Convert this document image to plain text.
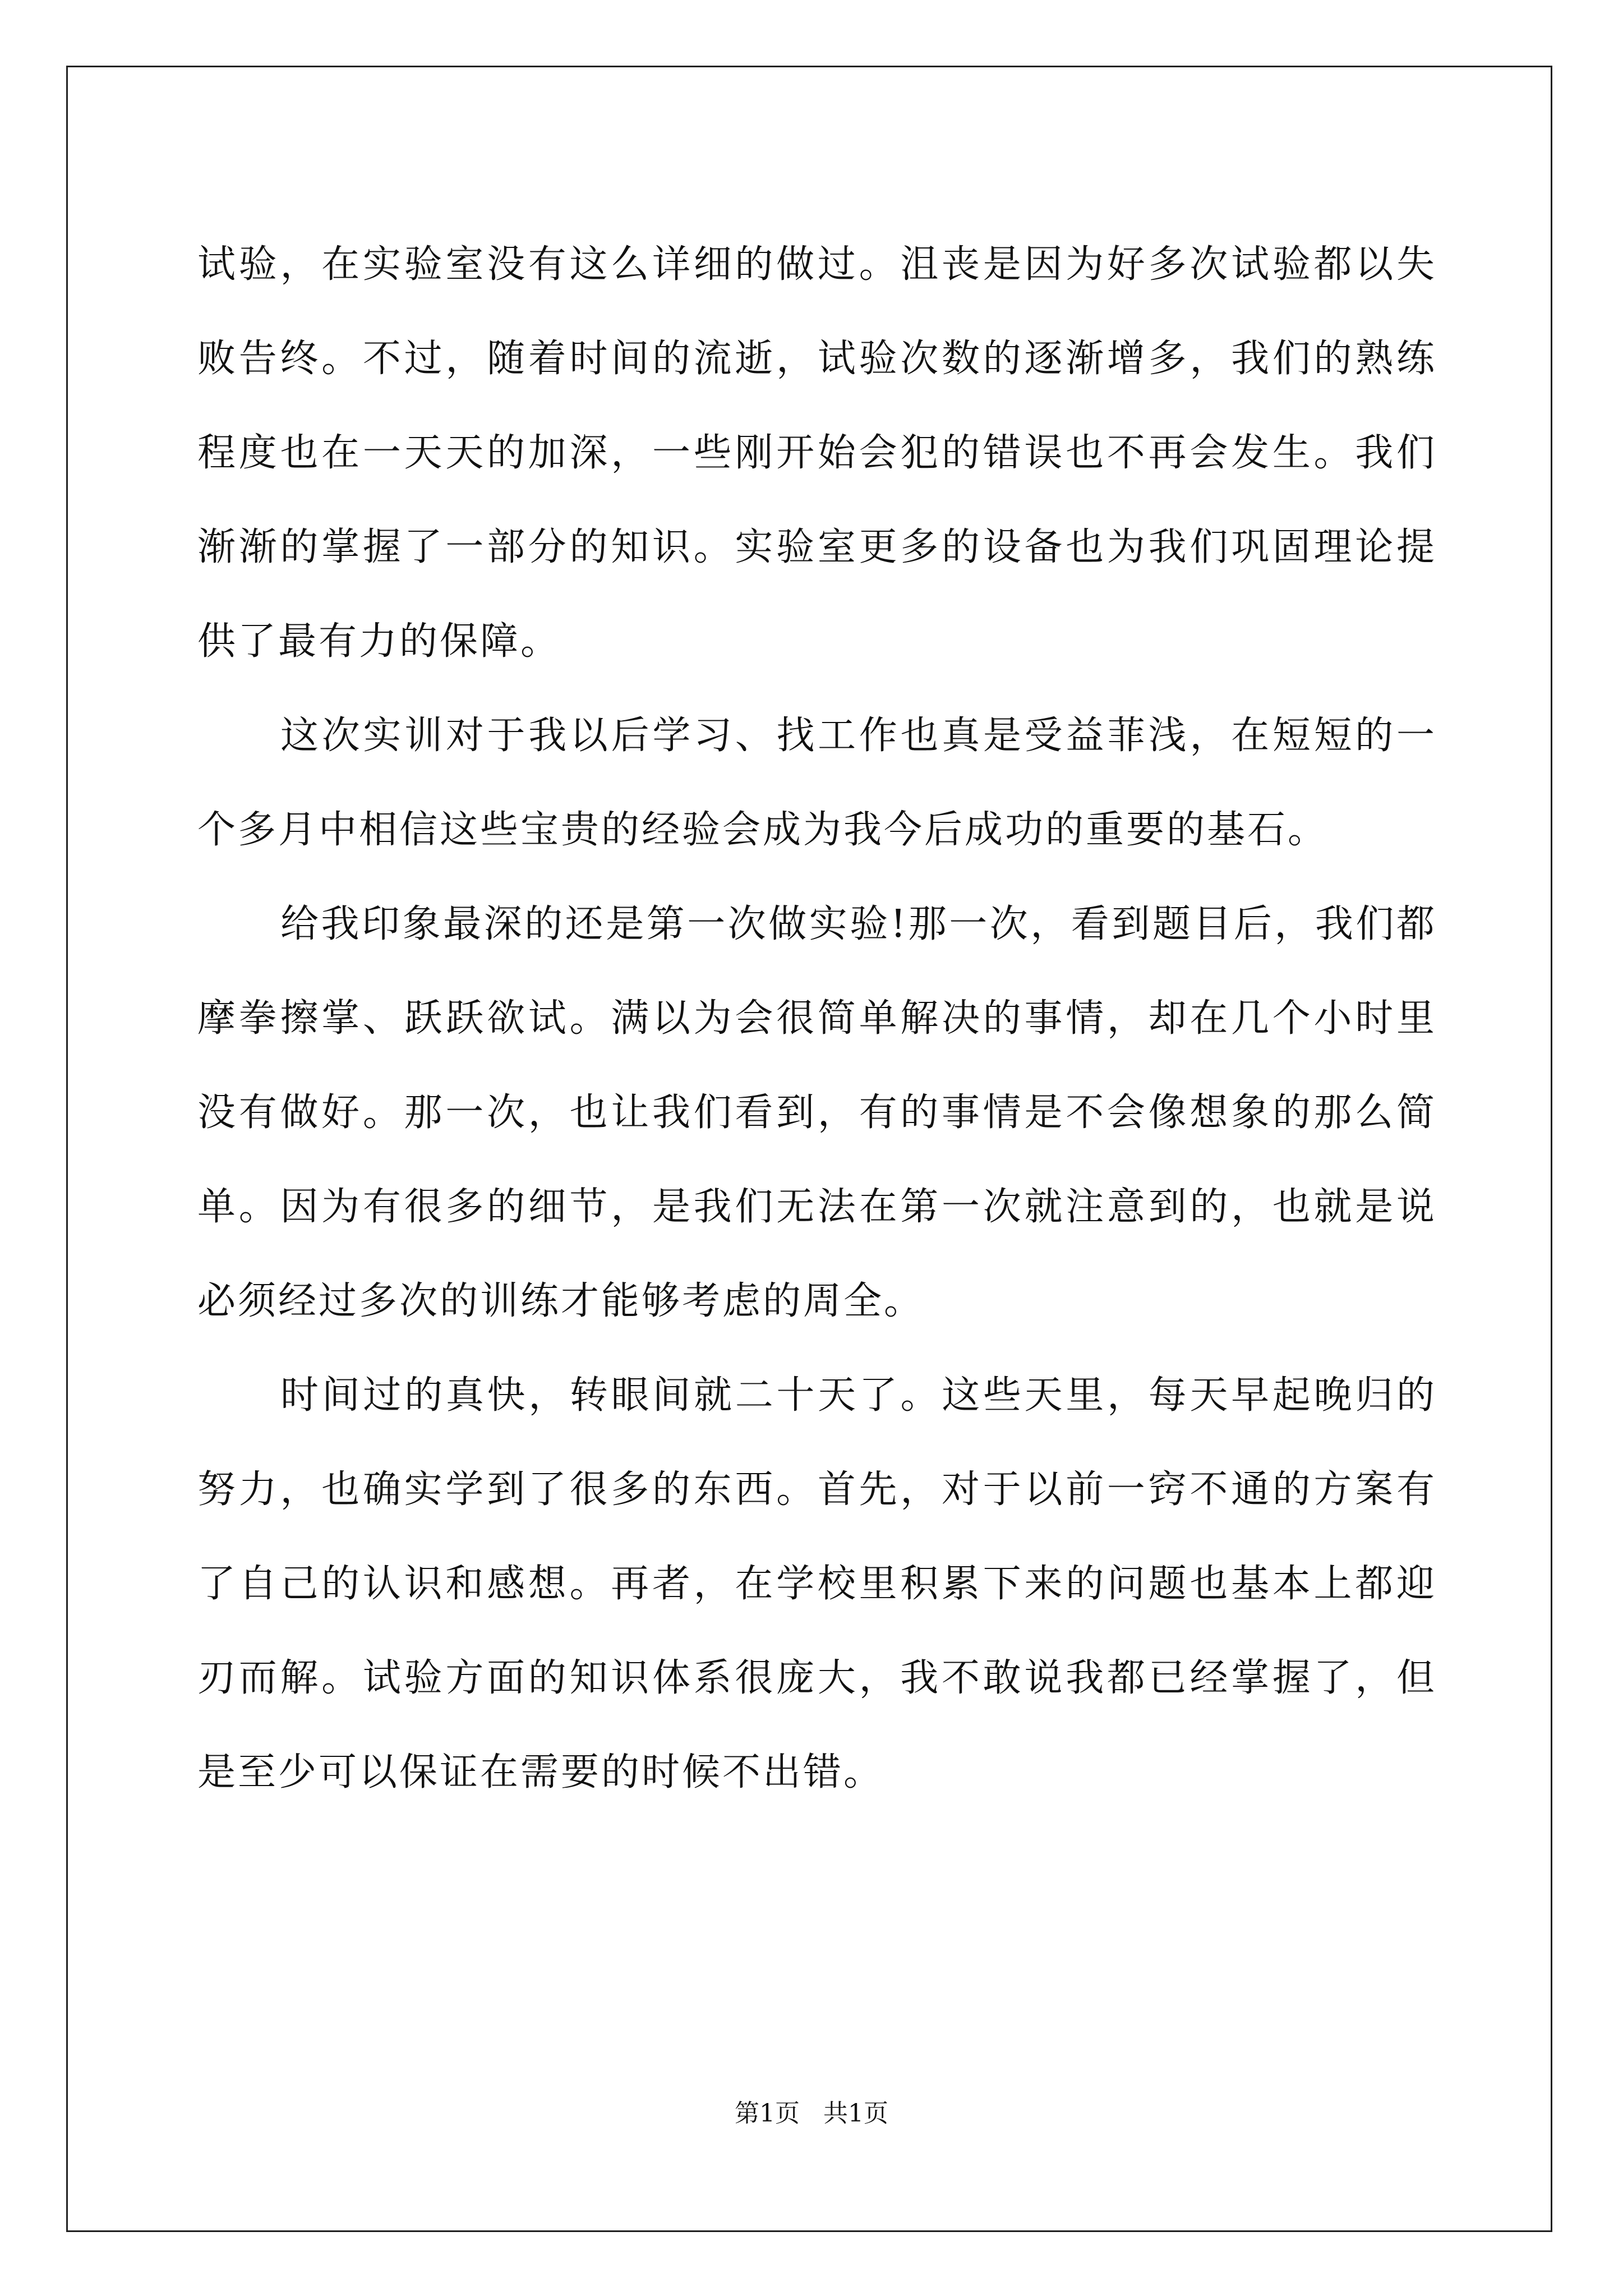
试验，在实验室没有这么详细的做过。沮丧是因为好多次试验都以失败告终。不过，随着时间的流逝，试验次数的逐渐增多，我们的熟练程度也在一天天的加深，一些刚开始会犯的错误也不再会发生。我们渐渐的掌握了一部分的知识。实验室更多的设备也为我们巩固理论提供了最有力的保障。

这次实训对于我以后学习、找工作也真是受益菲浅，在短短的一个多月中相信这些宝贵的经验会成为我今后成功的重要的基石。

给我印象最深的还是第一次做实验!那一次，看到题目后，我们都摩拳擦掌、跃跃欲试。满以为会很简单解决的事情，却在几个小时里没有做好。那一次，也让我们看到，有的事情是不会像想象的那么简单。因为有很多的细节，是我们无法在第一次就注意到的，也就是说必须经过多次的训练才能够考虑的周全。

时间过的真快，转眼间就二十天了。这些天里，每天早起晚归的努力，也确实学到了很多的东西。首先，对于以前一窍不通的方案有了自己的认识和感想。再者，在学校里积累下来的问题也基本上都迎刃而解。试验方面的知识体系很庞大，我不敢说我都已经掌握了，但是至少可以保证在需要的时候不出错。

第1页 共1页
